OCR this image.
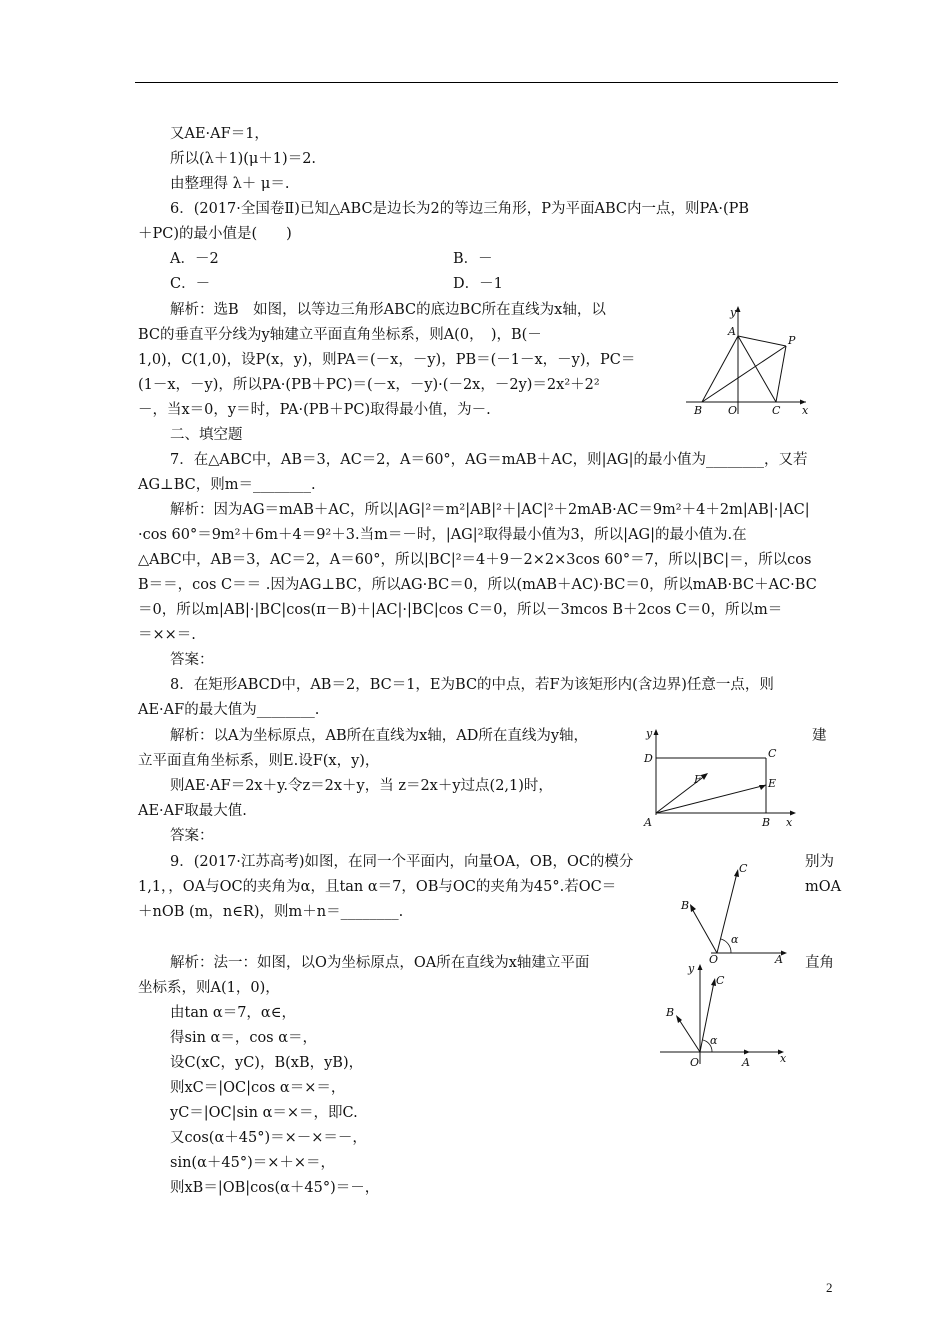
又AE·AF＝1，
所以(λ＋1)(μ＋1)＝2.
由整理得 λ＋ μ＝.
6．(2017·全国卷Ⅱ)已知△ABC是边长为2的等边三角形，P为平面ABC内一点，则PA·(PB
＋PC)的最小值是(　　)
A．－2	B．－
C．－	D．－1
解析：选B　如图，以等边三角形ABC的底边BC所在直线为x轴，以
BC的垂直平分线为y轴建立平面直角坐标系，则A(0，　)，B(－
1,0)，C(1,0)，设P(x，y)，则PA＝(－x，－y)，PB＝(－1－x，－y)，PC＝
(1－x，－y)，所以PA·(PB＋PC)＝(－x，－y)·(－2x，－2y)＝2x²＋2²
－，当x＝0，y＝时，PA·(PB＋PC)取得最小值，为－.
二、填空题
7．在△ABC中，AB＝3，AC＝2，A＝60°，AG＝mAB＋AC，则|AG|的最小值为________，又若
AG⊥BC，则m＝________.
解析：因为AG＝mAB＋AC，所以|AG|²＝m²|AB|²＋|AC|²＋2mAB·AC＝9m²＋4＋2m|AB|·|AC|
·cos 60°＝9m²＋6m＋4＝9²＋3.当m＝－时，|AG|²取得最小值为3，所以|AG|的最小值为.在
△ABC中，AB＝3，AC＝2，A＝60°，所以|BC|²＝4＋9－2×2×3cos 60°＝7，所以|BC|＝，所以cos
B＝＝，cos C＝＝ .因为AG⊥BC，所以AG·BC＝0，所以(mAB＋AC)·BC＝0，所以mAB·BC＋AC·BC
＝0，所以m|AB|·|BC|cos(π－B)＋|AC|·|BC|cos C＝0，所以－3mcos B＋2cos C＝0，所以m＝
＝××＝.
答案：
8．在矩形ABCD中，AB＝2，BC＝1，E为BC的中点，若F为该矩形内(含边界)任意一点，则
AE·AF的最大值为________.
解析：以A为坐标原点，AB所在直线为x轴，AD所在直线为y轴，	建
立平面直角坐标系，则E.设F(x，y)，
则AE·AF＝2x＋y.令z＝2x＋y，当 z＝2x＋y过点(2,1)时，
AE·AF取最大值.
答案：
9．(2017·江苏高考)如图，在同一个平面内，向量OA，OB，OC的模分	别为
1,1，，OA与OC的夹角为α，且tan α＝7，OB与OC的夹角为45°.若OC＝	mOA
＋nOB (m，n∈R)，则m＋n＝________.
解析：法一：如图，以O为坐标原点，OA所在直线为x轴建立平面	直角
坐标系，则A(1，0)，
由tan α＝7，α∈，
得sin α＝，cos α＝，
设C(xC，yC)，B(xB，yB)，
则xC＝|OC|cos α＝×＝，
yC＝|OC|sin α＝×＝，即C.
又cos(α＋45°)＝×－×＝－，
sin(α＋45°)＝×＋×＝，
则xB＝|OB|cos(α＋45°)＝－，
y
A
P
B O	C x
y
D	C
F	E
A	B x
C
B
α
O	A
y
C
B
α
O	A	x
2
